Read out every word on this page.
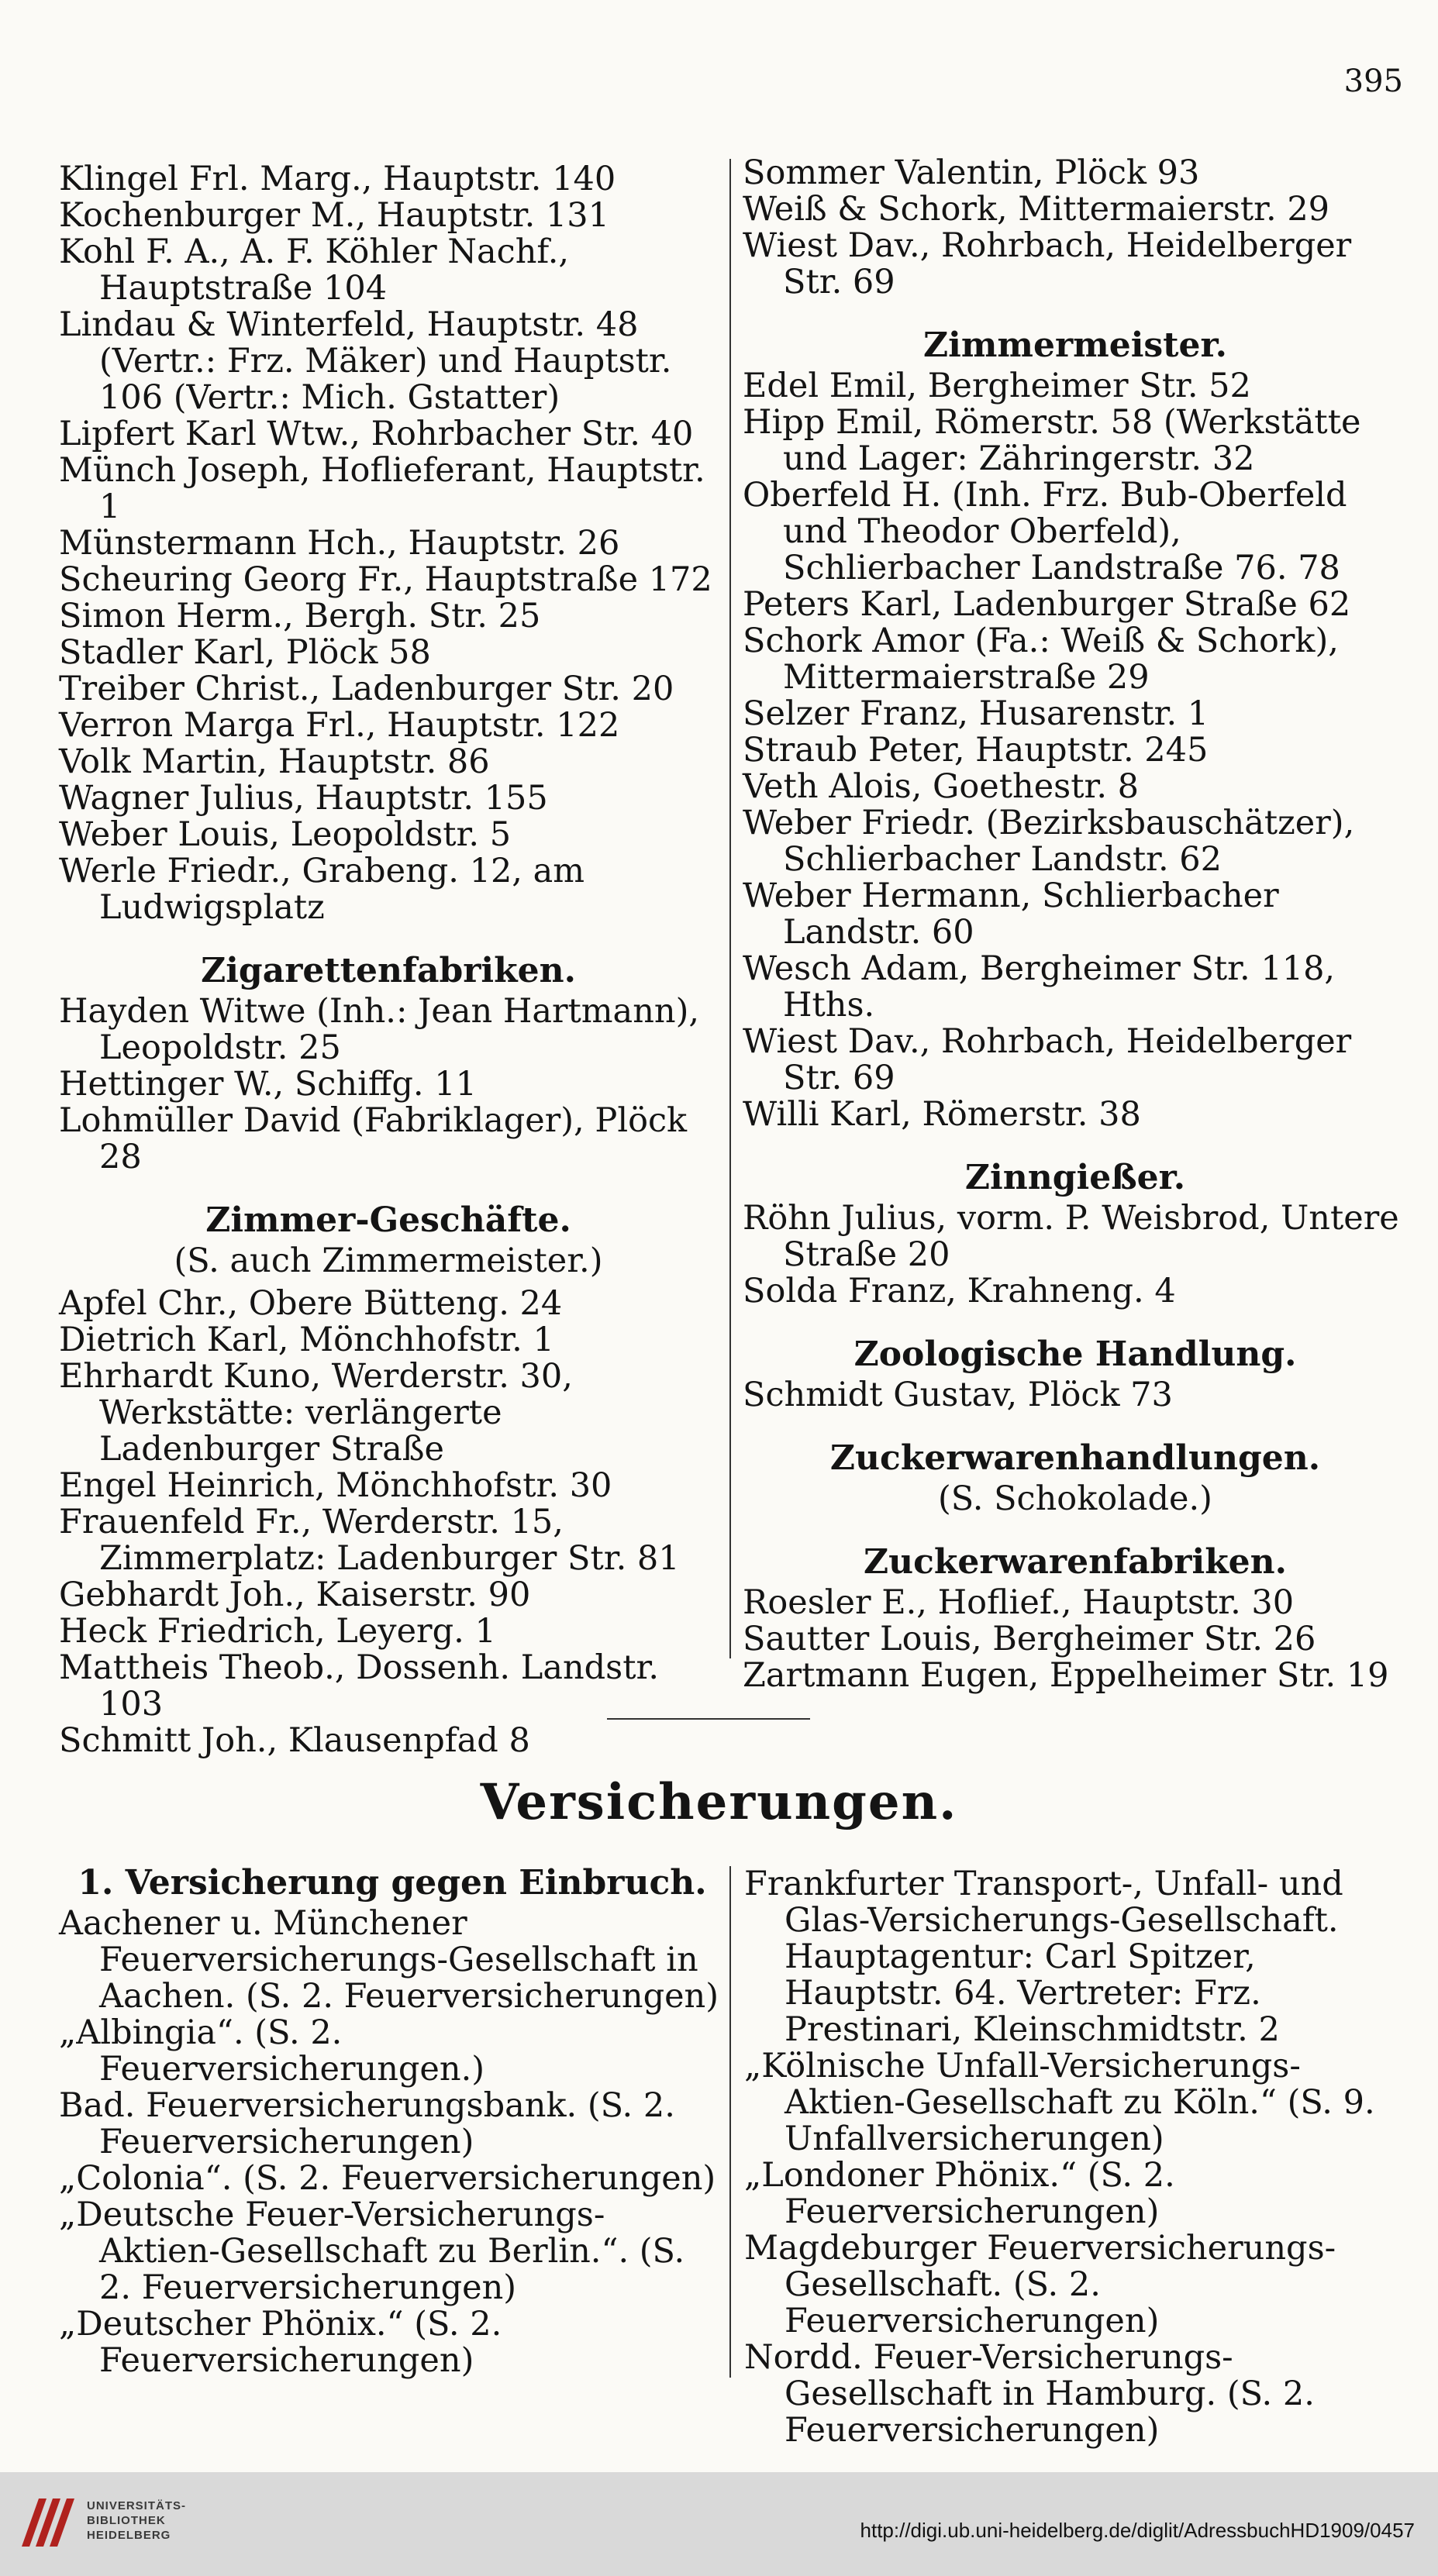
395
Klingel Frl. Marg., Hauptstr. 140
Kochenburger M., Hauptstr. 131
Kohl F. A., A. F. Köhler Nachf., Hauptstraße 104
Lindau & Winterfeld, Hauptstr. 48 (Vertr.: Frz. Mäker) und Hauptstr. 106 (Vertr.: Mich. Gstatter)
Lipfert Karl Wtw., Rohrbacher Str. 40
Münch Joseph, Hoflieferant, Hauptstr. 1
Münstermann Hch., Hauptstr. 26
Scheuring Georg Fr., Hauptstraße 172
Simon Herm., Bergh. Str. 25
Stadler Karl, Plöck 58
Treiber Christ., Ladenburger Str. 20
Verron Marga Frl., Hauptstr. 122
Volk Martin, Hauptstr. 86
Wagner Julius, Hauptstr. 155
Weber Louis, Leopoldstr. 5
Werle Friedr., Grabeng. 12, am Ludwigsplatz
Zigarettenfabriken.
Hayden Witwe (Inh.: Jean Hartmann), Leopoldstr. 25
Hettinger W., Schiffg. 11
Lohmüller David (Fabriklager), Plöck 28
Zimmer-Geschäfte.
(S. auch Zimmermeister.)
Apfel Chr., Obere Bütteng. 24
Dietrich Karl, Mönchhofstr. 1
Ehrhardt Kuno, Werderstr. 30, Werkstätte: verlängerte Ladenburger Straße
Engel Heinrich, Mönchhofstr. 30
Frauenfeld Fr., Werderstr. 15, Zimmerplatz: Ladenburger Str. 81
Gebhardt Joh., Kaiserstr. 90
Heck Friedrich, Leyerg. 1
Mattheis Theob., Dossenh. Landstr. 103
Schmitt Joh., Klausenpfad 8
Sommer Valentin, Plöck 93
Weiß & Schork, Mittermaierstr. 29
Wiest Dav., Rohrbach, Heidelberger Str. 69
Zimmermeister.
Edel Emil, Bergheimer Str. 52
Hipp Emil, Römerstr. 58 (Werkstätte und Lager: Zähringerstr. 32
Oberfeld H. (Inh. Frz. Bub-Oberfeld und Theodor Oberfeld), Schlierbacher Landstraße 76. 78
Peters Karl, Ladenburger Straße 62
Schork Amor (Fa.: Weiß & Schork), Mittermaierstraße 29
Selzer Franz, Husarenstr. 1
Straub Peter, Hauptstr. 245
Veth Alois, Goethestr. 8
Weber Friedr. (Bezirksbauschätzer), Schlierbacher Landstr. 62
Weber Hermann, Schlierbacher Landstr. 60
Wesch Adam, Bergheimer Str. 118, Hths.
Wiest Dav., Rohrbach, Heidelberger Str. 69
Willi Karl, Römerstr. 38
Zinngießer.
Röhn Julius, vorm. P. Weisbrod, Untere Straße 20
Solda Franz, Krahneng. 4
Zoologische Handlung.
Schmidt Gustav, Plöck 73
Zuckerwarenhandlungen.
(S. Schokolade.)
Zuckerwarenfabriken.
Roesler E., Hoflief., Hauptstr. 30
Sautter Louis, Bergheimer Str. 26
Zartmann Eugen, Eppelheimer Str. 19
Versicherungen.
1. Versicherung gegen Einbruch.
Aachener u. Münchener Feuerversicherungs-Gesellschaft in Aachen. (S. 2. Feuerversicherungen)
„Albingia“. (S. 2. Feuerversicherungen.)
Bad. Feuerversicherungsbank. (S. 2. Feuerversicherungen)
„Colonia“. (S. 2. Feuerversicherungen)
„Deutsche Feuer-Versicherungs-Aktien-Gesellschaft zu Berlin.“. (S. 2. Feuerversicherungen)
„Deutscher Phönix.“ (S. 2. Feuerversicherungen)
Frankfurter Transport-, Unfall- und Glas-Versicherungs-Gesellschaft. Hauptagentur: Carl Spitzer, Hauptstr. 64. Vertreter: Frz. Prestinari, Kleinschmidtstr. 2
„Kölnische Unfall-Versicherungs-Aktien-Gesellschaft zu Köln.“ (S. 9. Unfallversicherungen)
„Londoner Phönix.“ (S. 2. Feuerversicherungen)
Magdeburger Feuerversicherungs-Gesellschaft. (S. 2. Feuerversicherungen)
Nordd. Feuer-Versicherungs-Gesellschaft in Hamburg. (S. 2. Feuerversicherungen)
UNIVERSITÄTS-
BIBLIOTHEK
HEIDELBERG	http://digi.ub.uni-heidelberg.de/diglit/AdressbuchHD1909/0457
